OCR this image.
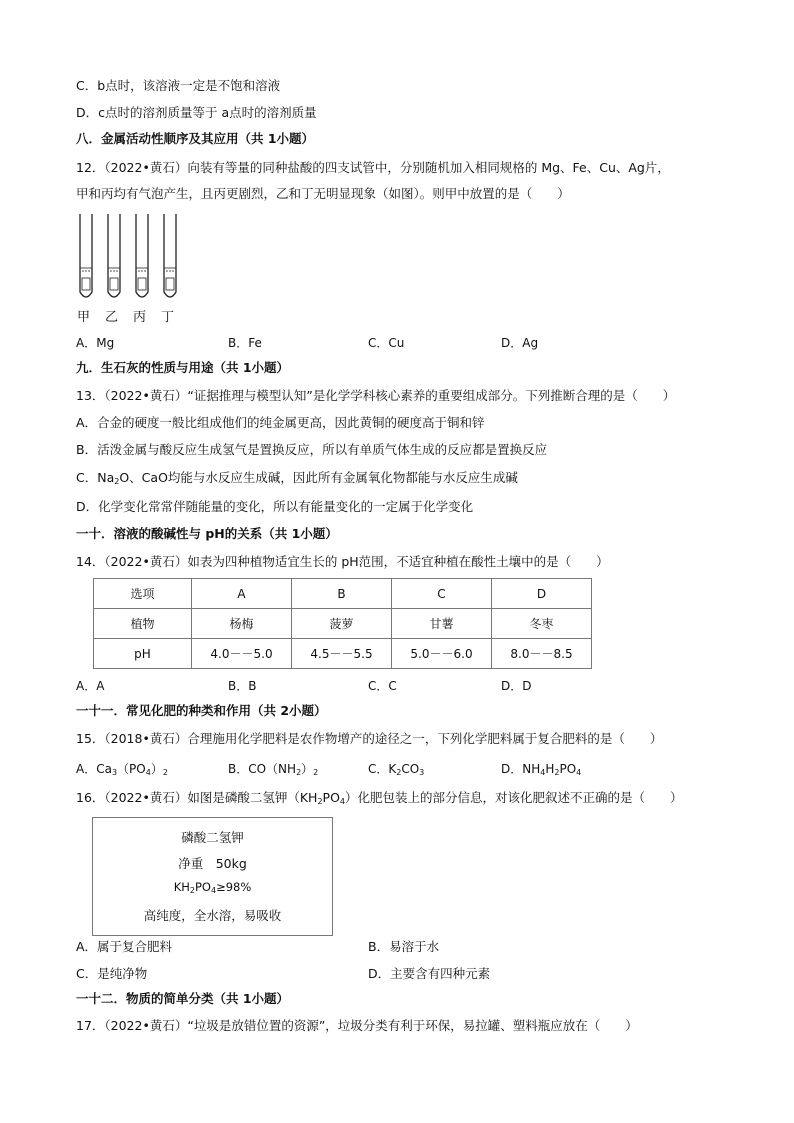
C．b点时，该溶液一定是不饱和溶液
D．c点时的溶剂质量等于 a点时的溶剂质量
八．金属活动性顺序及其应用（共 1小题）
12．（2022•黄石）向装有等量的同种盐酸的四支试管中，分别随机加入相同规格的 Mg、Fe、Cu、Ag片，
甲和丙均有气泡产生，且丙更剧烈，乙和丁无明显现象（如图）。则甲中放置的是（　　）
甲 乙 丙 丁
A．Mg	B．Fe	C．Cu	D．Ag
九．生石灰的性质与用途（共 1小题）
13．（2022•黄石）“证据推理与模型认知”是化学学科核心素养的重要组成部分。下列推断合理的是（　　）
A．合金的硬度一般比组成他们的纯金属更高，因此黄铜的硬度高于铜和锌
B．活泼金属与酸反应生成氢气是置换反应，所以有单质气体生成的反应都是置换反应
C．$Na_2O$、CaO均能与水反应生成碱，因此所有金属氧化物都能与水反应生成碱
D．化学变化常常伴随能量的变化，所以有能量变化的一定属于化学变化
一十．溶液的酸碱性与 pH的关系（共 1小题）
14．（2022•黄石）如表为四种植物适宜生长的 pH范围，不适宜种植在酸性土壤中的是（　　）
选项	A	B	C	D
植物	杨梅	菠萝	甘薯	冬枣
pH	4.0－－5.0	4.5－－5.5	5.0－－6.0	8.0－－8.5
A．A	B．B	C．C	D．D
一十一．常见化肥的种类和作用（共 2小题）
15．（2018•黄石）合理施用化学肥料是农作物增产的途径之一，下列化学肥料属于复合肥料的是（　　）
A．$Ca_3(PO_4)_2$	B．$CO(NH_2)_2$	C．$K_2CO_3$	D．$NH_4H_2PO_4$
16．（2022•黄石）如图是磷酸二氢钾$(KH_2PO_4)$化肥包装上的部分信息，对该化肥叙述不正确的是（　　）
磷酸二氢钾
净重　50kg
$KH_2PO_4\ge 98\%$
高纯度，全水溶，易吸收
A．属于复合肥料	B．易溶于水
C．是纯净物	D．主要含有四种元素
一十二．物质的简单分类（共 1小题）
17．（2022•黄石）“垃圾是放错位置的资源”，垃圾分类有利于环保，易拉罐、塑料瓶应放在（　　）
